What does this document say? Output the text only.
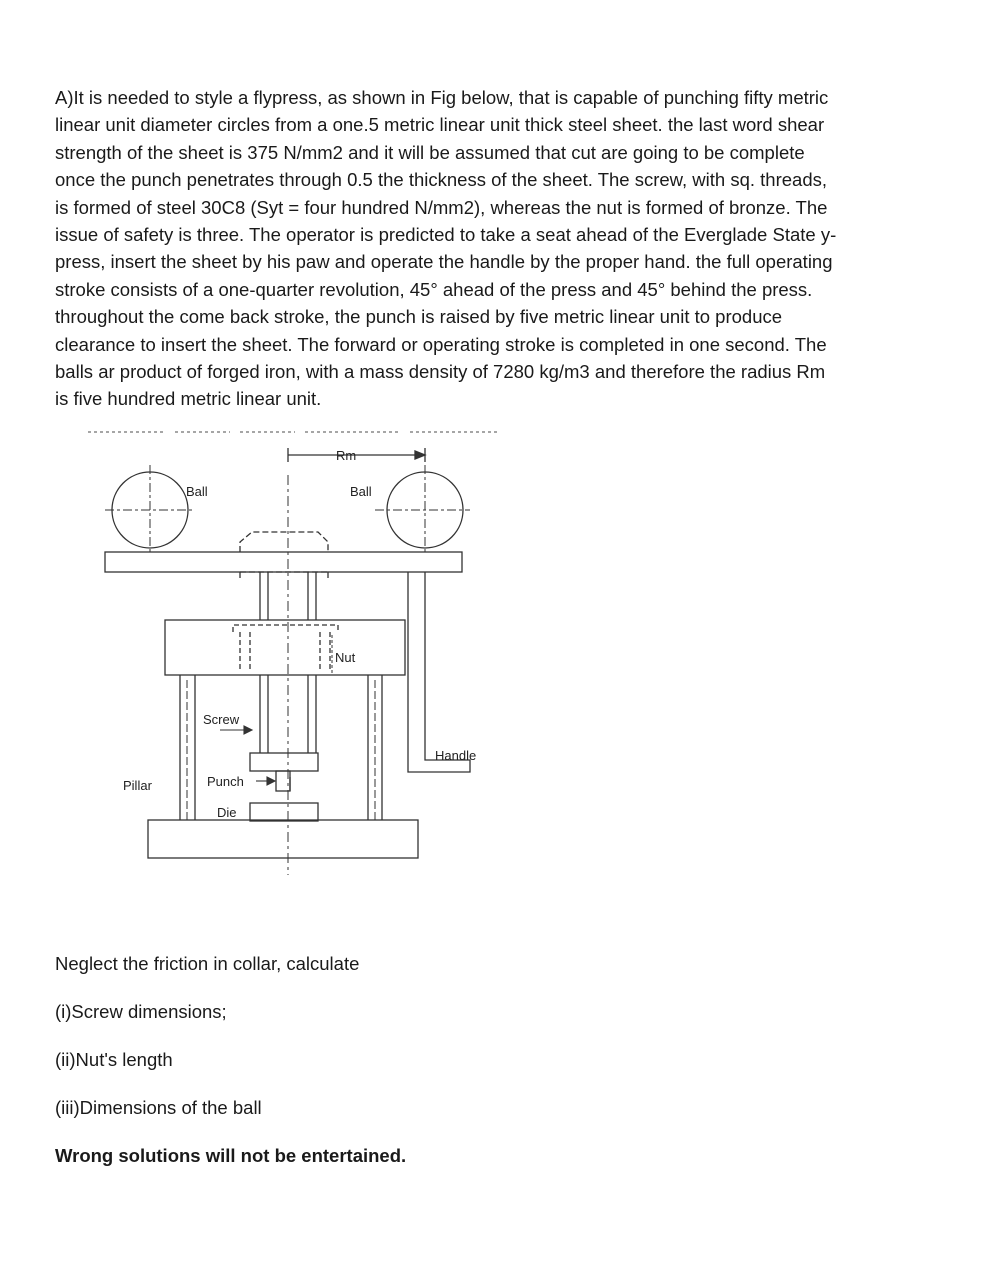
A)It is needed to style a flypress, as shown in Fig below, that is capable of punching fifty metric
linear unit diameter circles from a one.5 metric linear unit thick steel sheet. the last word shear
strength of the sheet is 375 N/mm2 and it will be assumed that cut are going to be complete
once the punch penetrates through 0.5 the thickness of the sheet. The screw, with sq. threads,
is formed of steel 30C8 (Syt = four hundred N/mm2), whereas the nut is formed of bronze. The
issue of safety is three. The operator is predicted to take a seat ahead of the Everglade State y-
press, insert the sheet by his paw and operate the handle by the proper hand. the full operating
stroke consists of a one-quarter revolution, 45° ahead of the press and 45° behind the press.
throughout the come back stroke, the punch is raised by five metric linear unit to produce
clearance to insert the sheet. The forward or operating stroke is completed in one second. The
balls ar product of forged iron, with a mass density of 7280 kg/m3 and therefore the radius Rm
is five hundred metric linear unit.
Rm
Ball	Ball
Nut
Screw
Handle
Pillar	Punch
Die
Neglect the friction in collar, calculate
(i)Screw dimensions;
(ii)Nut's length
(iii)Dimensions of the ball
Wrong solutions will not be entertained.
